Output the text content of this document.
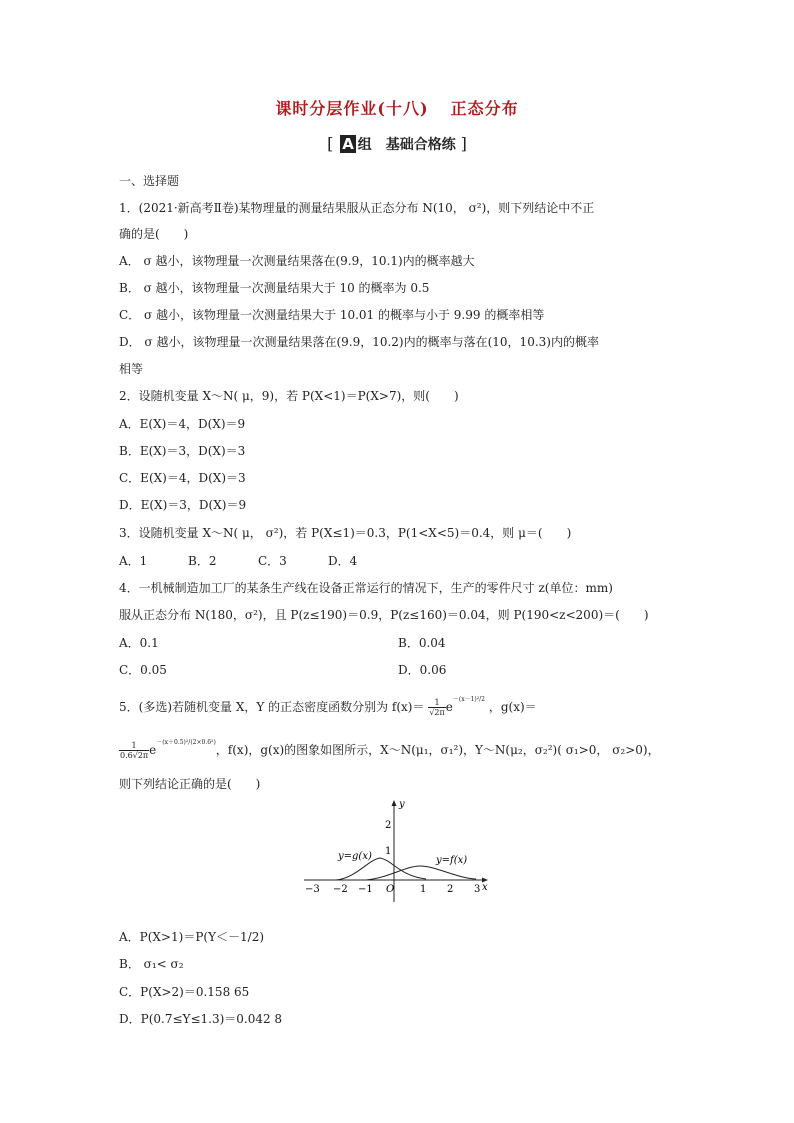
课时分层作业(十八) 正态分布
[ A 组　基础合格练 ]
一、选择题
1．(2021·新高考Ⅱ卷)某物理量的测量结果服从正态分布 N(10， σ²)，则下列结论中不正
确的是(　　)
A． σ 越小，该物理量一次测量结果落在(9.9，10.1)内的概率越大
B． σ 越小，该物理量一次测量结果大于 10 的概率为 0.5
C． σ 越小，该物理量一次测量结果大于 10.01 的概率与小于 9.99 的概率相等
D． σ 越小，该物理量一次测量结果落在(9.9，10.2)内的概率与落在(10，10.3)内的概率
相等
2．设随机变量 X～N( μ，9)，若 P(X<1)＝P(X>7)，则(　　)
A．E(X)＝4，D(X)＝9
B．E(X)＝3，D(X)＝3
C．E(X)＝4，D(X)＝3
D．E(X)＝3，D(X)＝9
3．设随机变量 X～N( μ， σ²)，若 P(X≤1)＝0.3，P(1<X<5)＝0.4，则 μ＝(　　)
A．1	B．2	C．3	D．4
4．一机械制造加工厂的某条生产线在设备正常运行的情况下，生产的零件尺寸 z(单位：mm)
服从正态分布 N(180，σ²)，且 P(z≤190)＝0.9，P(z≤160)＝0.04，则 P(190<z<200)＝(　　)
A．0.1	B．0.04
C．0.05	D．0.06
5．(多选)若随机变量 X，Y 的正态密度函数分别为 $f(x)= \frac{1}{√2\pi} e^{-(x-1)^2/2}$ ，g(x)＝
$\frac{1}{0.6√2\pi} e^{-(x+0.5)^2/(2\times 0.6^2)}$，f(x)，g(x)的图象如图所示，X～N(μ₁，σ₁²)，Y～N(μ₂，σ₂²)( σ₁>0， σ₂>0)，
则下列结论正确的是(　　)
y
x
O
1
2
−3 −2 −1	1 2 3
y=g(x)	y=f(x)
A．P(X>1)＝P(Y＜－1/2)
B． σ₁< σ₂
C．P(X>2)＝0.158 65
D．P(0.7≤Y≤1.3)＝0.042 8
